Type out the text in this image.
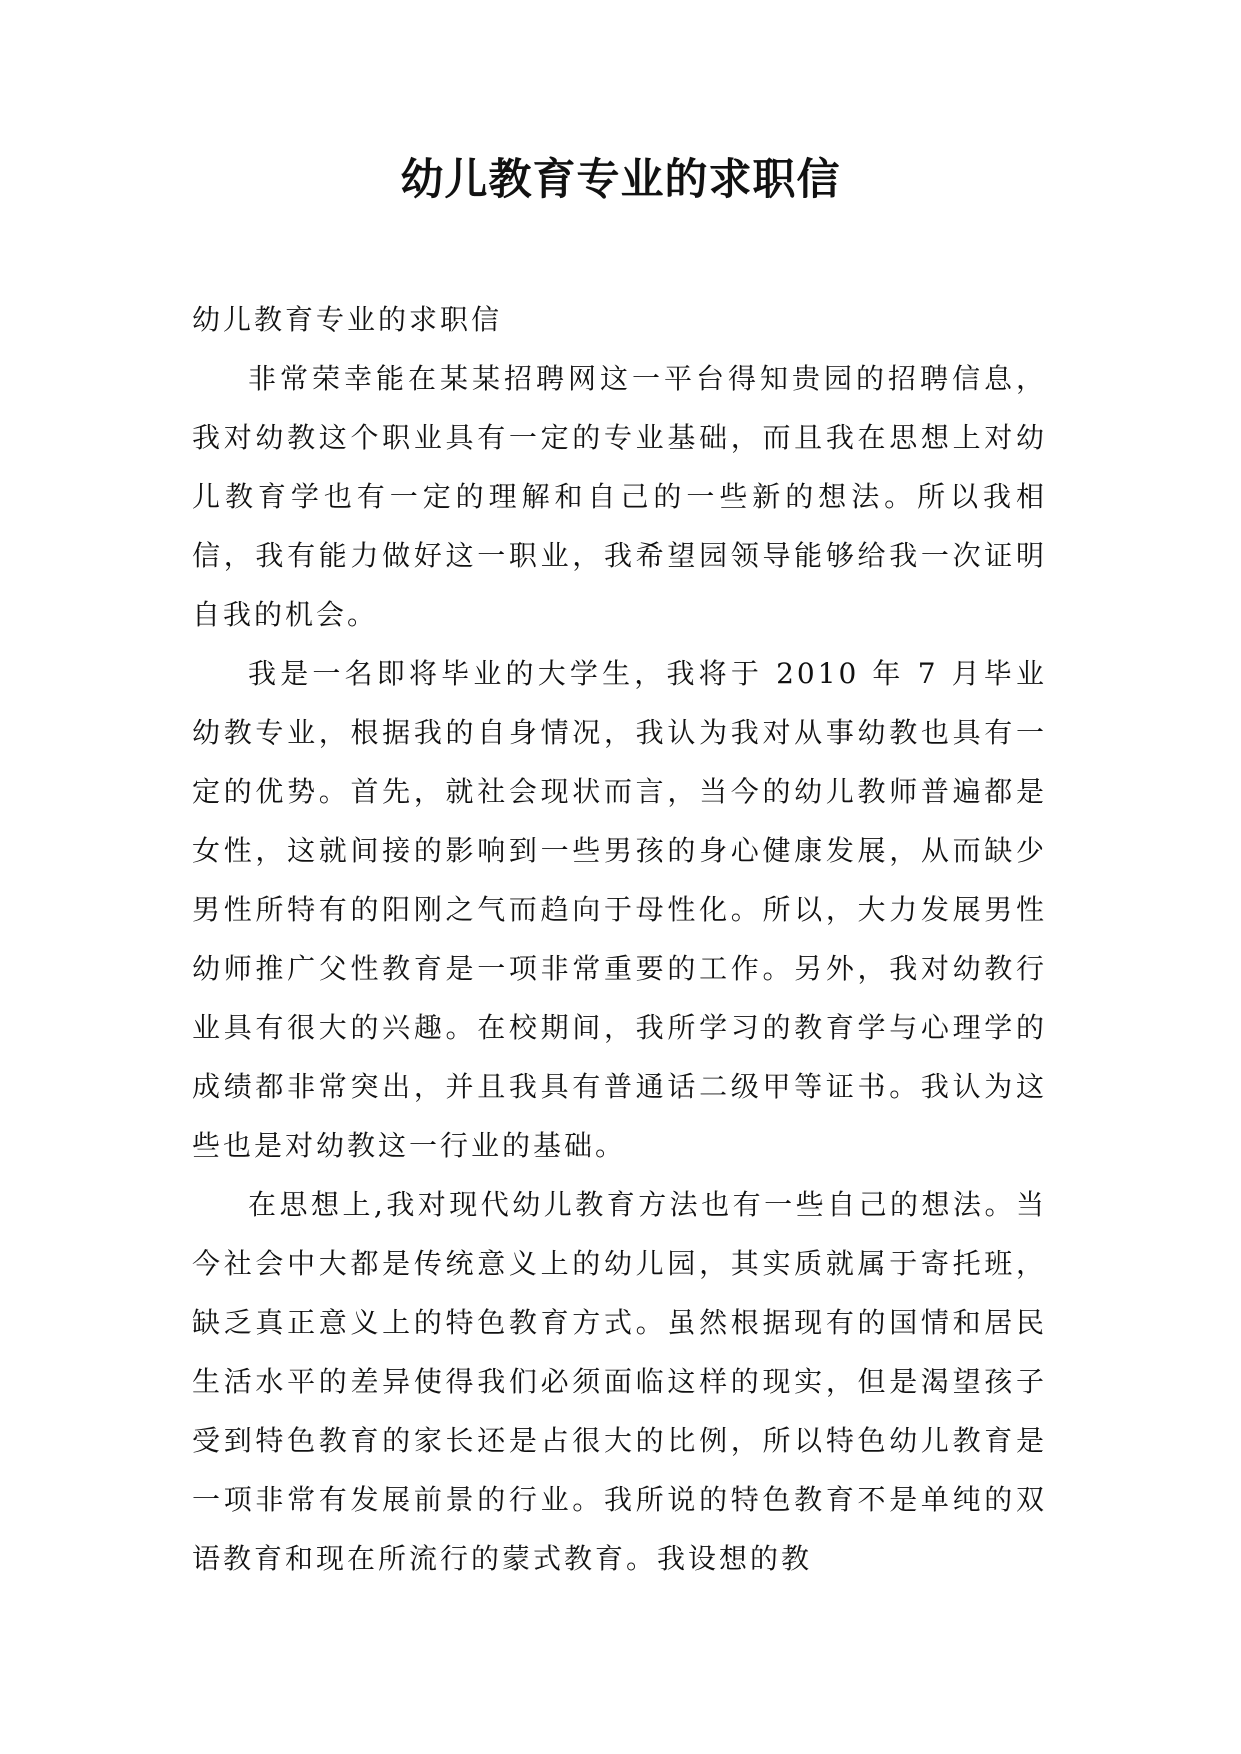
幼儿教育专业的求职信

幼儿教育专业的求职信

非常荣幸能在某某招聘网这一平台得知贵园的招聘信息，我对幼教这个职业具有一定的专业基础，而且我在思想上对幼儿教育学也有一定的理解和自己的一些新的想法。所以我相信，我有能力做好这一职业，我希望园领导能够给我一次证明自我的机会。

我是一名即将毕业的大学生，我将于 2010 年 7 月毕业幼教专业，根据我的自身情况，我认为我对从事幼教也具有一定的优势。首先，就社会现状而言，当今的幼儿教师普遍都是女性，这就间接的影响到一些男孩的身心健康发展，从而缺少男性所特有的阳刚之气而趋向于母性化。所以，大力发展男性幼师推广父性教育是一项非常重要的工作。另外，我对幼教行业具有很大的兴趣。在校期间，我所学习的教育学与心理学的成绩都非常突出，并且我具有普通话二级甲等证书。我认为这些也是对幼教这一行业的基础。

在思想上,我对现代幼儿教育方法也有一些自己的想法。当今社会中大都是传统意义上的幼儿园，其实质就属于寄托班，缺乏真正意义上的特色教育方式。虽然根据现有的国情和居民生活水平的差异使得我们必须面临这样的现实，但是渴望孩子受到特色教育的家长还是占很大的比例，所以特色幼儿教育是一项非常有发展前景的行业。我所说的特色教育不是单纯的双语教育和现在所流行的蒙式教育。我设想的教
